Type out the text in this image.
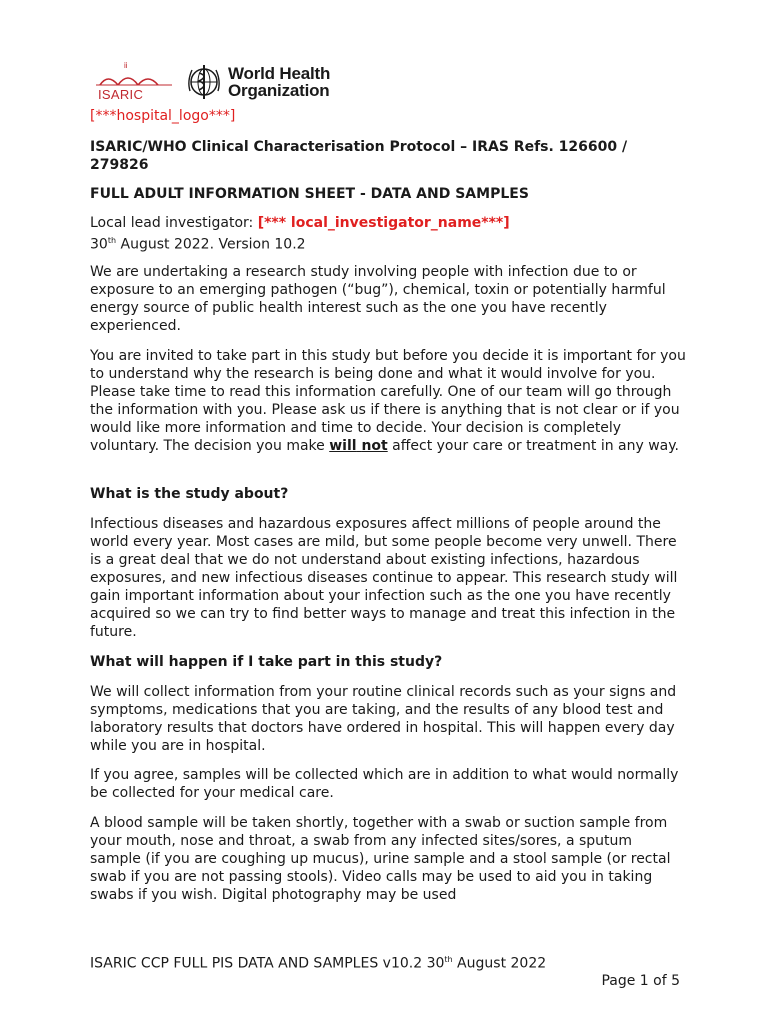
ii
ISARIC
World Health
Organization
[***hospital_logo***]
ISARIC/WHO Clinical Characterisation Protocol – IRAS Refs. 126600 / 279826
FULL ADULT INFORMATION SHEET - DATA AND SAMPLES
Local lead investigator: [*** local_investigator_name***]
30th August 2022. Version 10.2
We are undertaking a research study involving people with infection due to or exposure to an emerging pathogen (“bug”), chemical, toxin or potentially harmful energy source of public health interest such as the one you have recently experienced.
You are invited to take part in this study but before you decide it is important for you to understand why the research is being done and what it would involve for you. Please take time to read this information carefully. One of our team will go through the information with you. Please ask us if there is anything that is not clear or if you would like more information and time to decide. Your decision is completely voluntary. The decision you make will not affect your care or treatment in any way.
What is the study about?
Infectious diseases and hazardous exposures affect millions of people around the world every year. Most cases are mild, but some people become very unwell. There is a great deal that we do not understand about existing infections, hazardous exposures, and new infectious diseases continue to appear. This research study will gain important information about your infection such as the one you have recently acquired so we can try to find better ways to manage and treat this infection in the future.
What will happen if I take part in this study?
We will collect information from your routine clinical records such as your signs and symptoms, medications that you are taking, and the results of any blood test and laboratory results that doctors have ordered in hospital. This will happen every day while you are in hospital.
If you agree, samples will be collected which are in addition to what would normally be collected for your medical care.
A blood sample will be taken shortly, together with a swab or suction sample from your mouth, nose and throat, a swab from any infected sites/sores, a sputum sample (if you are coughing up mucus), urine sample and a stool sample (or rectal swab if you are not passing stools). Video calls may be used to aid you in taking swabs if you wish. Digital photography may be used
ISARIC CCP FULL PIS DATA AND SAMPLES v10.2 30th August 2022
Page 1 of 5
